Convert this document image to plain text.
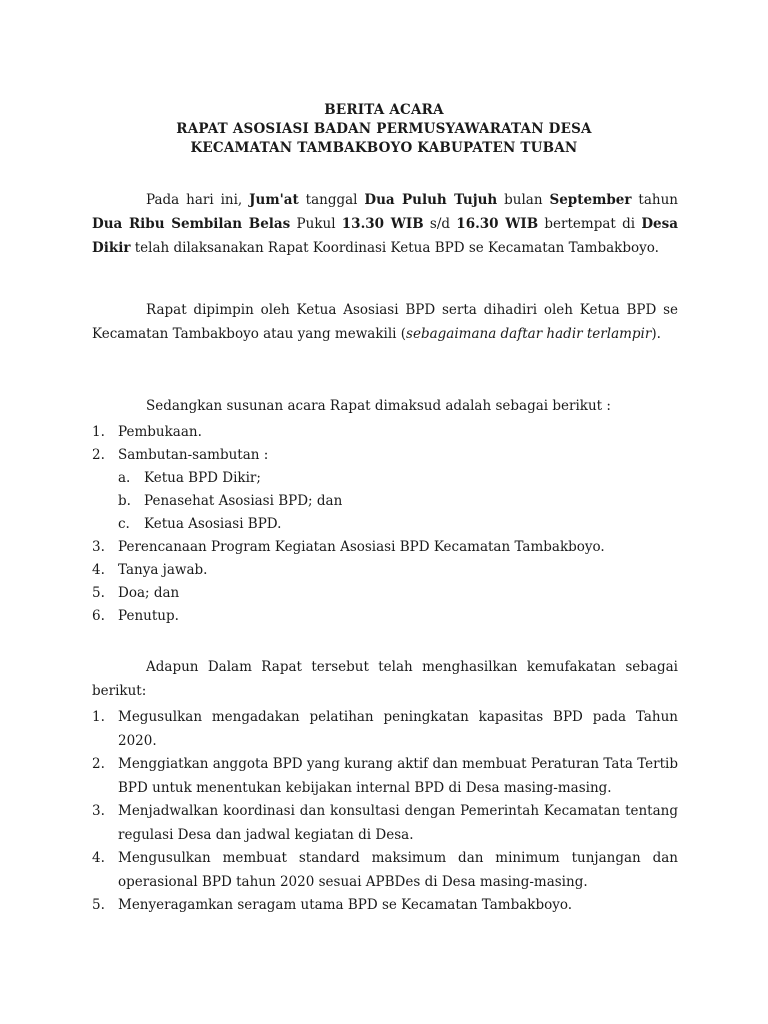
BERITA ACARA
RAPAT ASOSIASI BADAN PERMUSYAWARATAN DESA
KECAMATAN TAMBAKBOYO KABUPATEN TUBAN

Pada hari ini, Jum'at tanggal Dua Puluh Tujuh bulan September tahun Dua Ribu Sembilan Belas Pukul 13.30 WIB s/d 16.30 WIB bertempat di Desa Dikir telah dilaksanakan Rapat Koordinasi Ketua BPD se Kecamatan Tambakboyo.

Rapat dipimpin oleh Ketua Asosiasi BPD serta dihadiri oleh Ketua BPD se Kecamatan Tambakboyo atau yang mewakili (sebagaimana daftar hadir terlampir).

Sedangkan susunan acara Rapat dimaksud adalah sebagai berikut :

1. Pembukaan.
2. Sambutan-sambutan :
a. Ketua BPD Dikir;
b. Penasehat Asosiasi BPD; dan
c. Ketua Asosiasi BPD.
3. Perencanaan Program Kegiatan Asosiasi BPD Kecamatan Tambakboyo.
4. Tanya jawab.
5. Doa; dan
6. Penutup.

Adapun Dalam Rapat tersebut telah menghasilkan kemufakatan sebagai berikut:

1. Megusulkan mengadakan pelatihan peningkatan kapasitas BPD pada Tahun 2020.
2. Menggiatkan anggota BPD yang kurang aktif dan membuat Peraturan Tata Tertib BPD untuk menentukan kebijakan internal BPD di Desa masing-masing.
3. Menjadwalkan koordinasi dan konsultasi dengan Pemerintah Kecamatan tentang regulasi Desa dan jadwal kegiatan di Desa.
4. Mengusulkan membuat standard maksimum dan minimum tunjangan dan operasional BPD tahun 2020 sesuai APBDes di Desa masing-masing.
5. Menyeragamkan seragam utama BPD se Kecamatan Tambakboyo.
